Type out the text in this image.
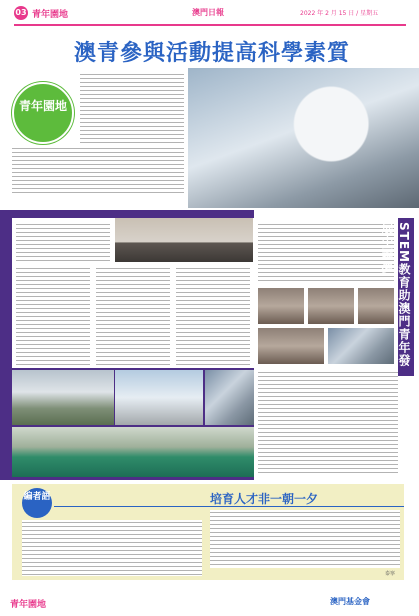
03 青年園地	澳門日報	2022 年 2 月 15 日 / 星期五
澳青參與活動提高科學素質
青年園地
STEM教育助澳門青年發展中國夢
編者語	培育人才非一朝一夕
泰寧
青年園地	澳門基金會
